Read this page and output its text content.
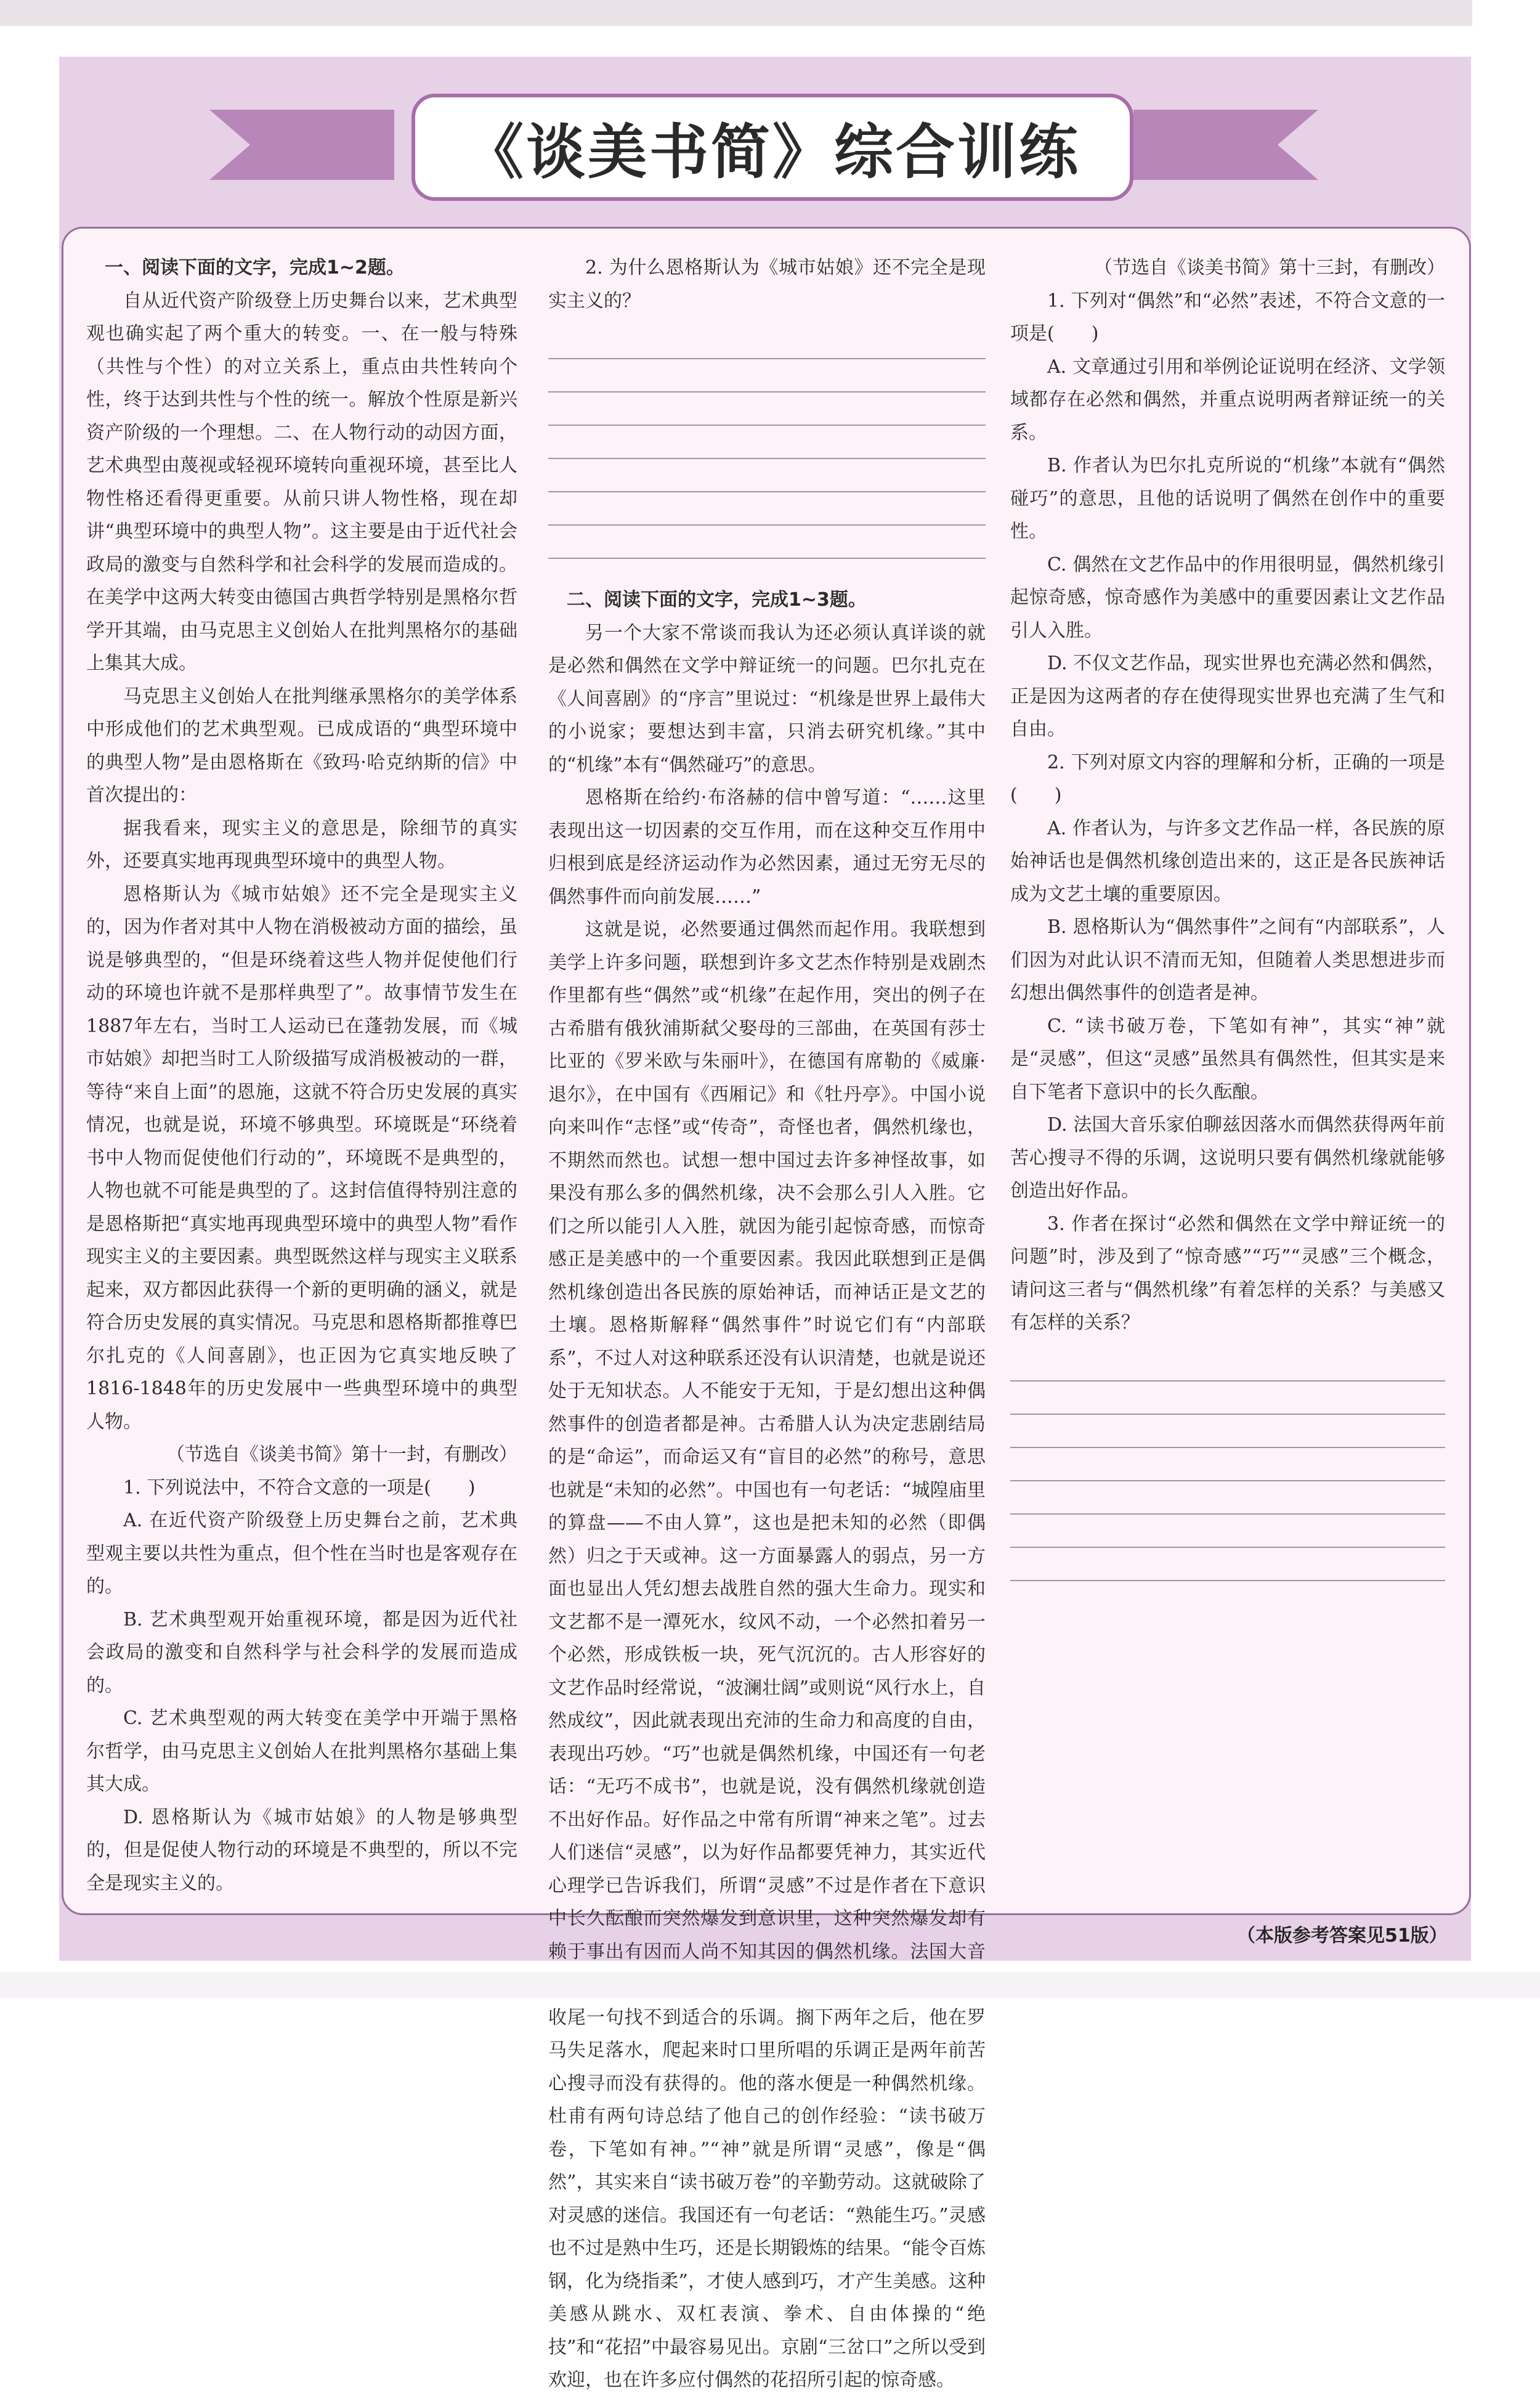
《谈美书简》综合训练
一、阅读下面的文字，完成1~2题。

自从近代资产阶级登上历史舞台以来，艺术典型观也确实起了两个重大的转变。一、在一般与特殊（共性与个性）的对立关系上，重点由共性转向个性，终于达到共性与个性的统一。解放个性原是新兴资产阶级的一个理想。二、在人物行动的动因方面，艺术典型由蔑视或轻视环境转向重视环境，甚至比人物性格还看得更重要。从前只讲人物性格，现在却讲“典型环境中的典型人物”。这主要是由于近代社会政局的激变与自然科学和社会科学的发展而造成的。在美学中这两大转变由德国古典哲学特别是黑格尔哲学开其端，由马克思主义创始人在批判黑格尔的基础上集其大成。

马克思主义创始人在批判继承黑格尔的美学体系中形成他们的艺术典型观。已成成语的“典型环境中的典型人物”是由恩格斯在《致玛·哈克纳斯的信》中首次提出的：

据我看来，现实主义的意思是，除细节的真实外，还要真实地再现典型环境中的典型人物。

恩格斯认为《城市姑娘》还不完全是现实主义的，因为作者对其中人物在消极被动方面的描绘，虽说是够典型的，“但是环绕着这些人物并促使他们行动的环境也许就不是那样典型了”。故事情节发生在1887年左右，当时工人运动已在蓬勃发展，而《城市姑娘》却把当时工人阶级描写成消极被动的一群，等待“来自上面”的恩施，这就不符合历史发展的真实情况，也就是说，环境不够典型。环境既是“环绕着书中人物而促使他们行动的”，环境既不是典型的，人物也就不可能是典型的了。这封信值得特别注意的是恩格斯把“真实地再现典型环境中的典型人物”看作现实主义的主要因素。典型既然这样与现实主义联系起来，双方都因此获得一个新的更明确的涵义，就是符合历史发展的真实情况。马克思和恩格斯都推尊巴尔扎克的《人间喜剧》，也正因为它真实地反映了1816-1848年的历史发展中一些典型环境中的典型人物。

（节选自《谈美书简》第十一封，有删改）

1. 下列说法中，不符合文意的一项是(　　)

A. 在近代资产阶级登上历史舞台之前，艺术典型观主要以共性为重点，但个性在当时也是客观存在的。

B. 艺术典型观开始重视环境，都是因为近代社会政局的激变和自然科学与社会科学的发展而造成的。

C. 艺术典型观的两大转变在美学中开端于黑格尔哲学，由马克思主义创始人在批判黑格尔基础上集其大成。

D. 恩格斯认为《城市姑娘》的人物是够典型的，但是促使人物行动的环境是不典型的，所以不完全是现实主义的。

2. 为什么恩格斯认为《城市姑娘》还不完全是现实主义的？

二、阅读下面的文字，完成1~3题。

另一个大家不常谈而我认为还必须认真详谈的就是必然和偶然在文学中辩证统一的问题。巴尔扎克在《人间喜剧》的“序言”里说过：“机缘是世界上最伟大的小说家；要想达到丰富，只消去研究机缘。”其中的“机缘”本有“偶然碰巧”的意思。

恩格斯在给约·布洛赫的信中曾写道：“……这里表现出这一切因素的交互作用，而在这种交互作用中归根到底是经济运动作为必然因素，通过无穷无尽的偶然事件而向前发展……”

这就是说，必然要通过偶然而起作用。我联想到美学上许多问题，联想到许多文艺杰作特别是戏剧杰作里都有些“偶然”或“机缘”在起作用，突出的例子在古希腊有俄狄浦斯弑父娶母的三部曲，在英国有莎士比亚的《罗米欧与朱丽叶》，在德国有席勒的《威廉·退尔》，在中国有《西厢记》和《牡丹亭》。中国小说向来叫作“志怪”或“传奇”，奇怪也者，偶然机缘也，不期然而然也。试想一想中国过去许多神怪故事，如果没有那么多的偶然机缘，决不会那么引人入胜。它们之所以能引人入胜，就因为能引起惊奇感，而惊奇感正是美感中的一个重要因素。我因此联想到正是偶然机缘创造出各民族的原始神话，而神话正是文艺的土壤。恩格斯解释“偶然事件”时说它们有“内部联系”，不过人对这种联系还没有认识清楚，也就是说还处于无知状态。人不能安于无知，于是幻想出这种偶然事件的创造者都是神。古希腊人认为决定悲剧结局的是“命运”，而命运又有“盲目的必然”的称号，意思也就是“未知的必然”。中国也有一句老话：“城隍庙里的算盘——不由人算”，这也是把未知的必然（即偶然）归之于天或神。这一方面暴露人的弱点，另一方面也显出人凭幻想去战胜自然的强大生命力。现实和文艺都不是一潭死水，纹风不动，一个必然扣着另一个必然，形成铁板一块，死气沉沉的。古人形容好的文艺作品时经常说，“波澜壮阔”或则说“风行水上，自然成纹”，因此就表现出充沛的生命力和高度的自由，表现出巧妙。“巧”也就是偶然机缘，中国还有一句老话：“无巧不成书”，也就是说，没有偶然机缘就创造不出好作品。好作品之中常有所谓“神来之笔”。过去人们迷信“灵感”，以为好作品都要凭神力，其实近代心理学已告诉我们，所谓“灵感”不过是作者在下意识中长久酝酿而突然爆发到意识里，这种突然爆发却有赖于事出有因而人尚不知其因的偶然机缘。法国大音 收尾一句找不到适合的乐调。搁下两年之后，他在罗马失足落水，爬起来时口里所唱的乐调正是两年前苦心搜寻而没有获得的。他的落水便是一种偶然机缘。杜甫有两句诗总结了他自己的创作经验：“读书破万卷，下笔如有神。”“神”就是所谓“灵感”，像是“偶然”，其实来自“读书破万卷”的辛勤劳动。这就破除了对灵感的迷信。我国还有一句老话：“熟能生巧。”灵感也不过是熟中生巧，还是长期锻炼的结果。“能令百炼钢，化为绕指柔”，才使人感到巧，才产生美感。这种美感从跳水、双杠表演、拳术、自由体操的“绝技”和“花招”中最容易见出。京剧“三岔口”之所以受到欢迎，也在许多应付偶然的花招所引起的惊奇感。

（节选自《谈美书简》第十三封，有删改）

1. 下列对“偶然”和“必然”表述，不符合文意的一项是(　　)

A. 文章通过引用和举例论证说明在经济、文学领域都存在必然和偶然，并重点说明两者辩证统一的关系。

B. 作者认为巴尔扎克所说的“机缘”本就有“偶然碰巧”的意思，且他的话说明了偶然在创作中的重要性。

C. 偶然在文艺作品中的作用很明显，偶然机缘引起惊奇感，惊奇感作为美感中的重要因素让文艺作品引人入胜。

D. 不仅文艺作品，现实世界也充满必然和偶然，正是因为这两者的存在使得现实世界也充满了生气和自由。

2. 下列对原文内容的理解和分析，正确的一项是(　　)

A. 作者认为，与许多文艺作品一样，各民族的原始神话也是偶然机缘创造出来的，这正是各民族神话成为文艺土壤的重要原因。

B. 恩格斯认为“偶然事件”之间有“内部联系”，人们因为对此认识不清而无知，但随着人类思想进步而幻想出偶然事件的创造者是神。

C. “读书破万卷，下笔如有神”，其实“神”就是“灵感”，但这“灵感”虽然具有偶然性，但其实是来自下笔者下意识中的长久酝酿。

D. 法国大音乐家伯聊兹因落水而偶然获得两年前苦心搜寻不得的乐调，这说明只要有偶然机缘就能够创造出好作品。

3. 作者在探讨“必然和偶然在文学中辩证统一的问题”时，涉及到了“惊奇感”“巧”“灵感”三个概念，请问这三者与“偶然机缘”有着怎样的关系？与美感又有怎样的关系？

（本版参考答案见51版）
